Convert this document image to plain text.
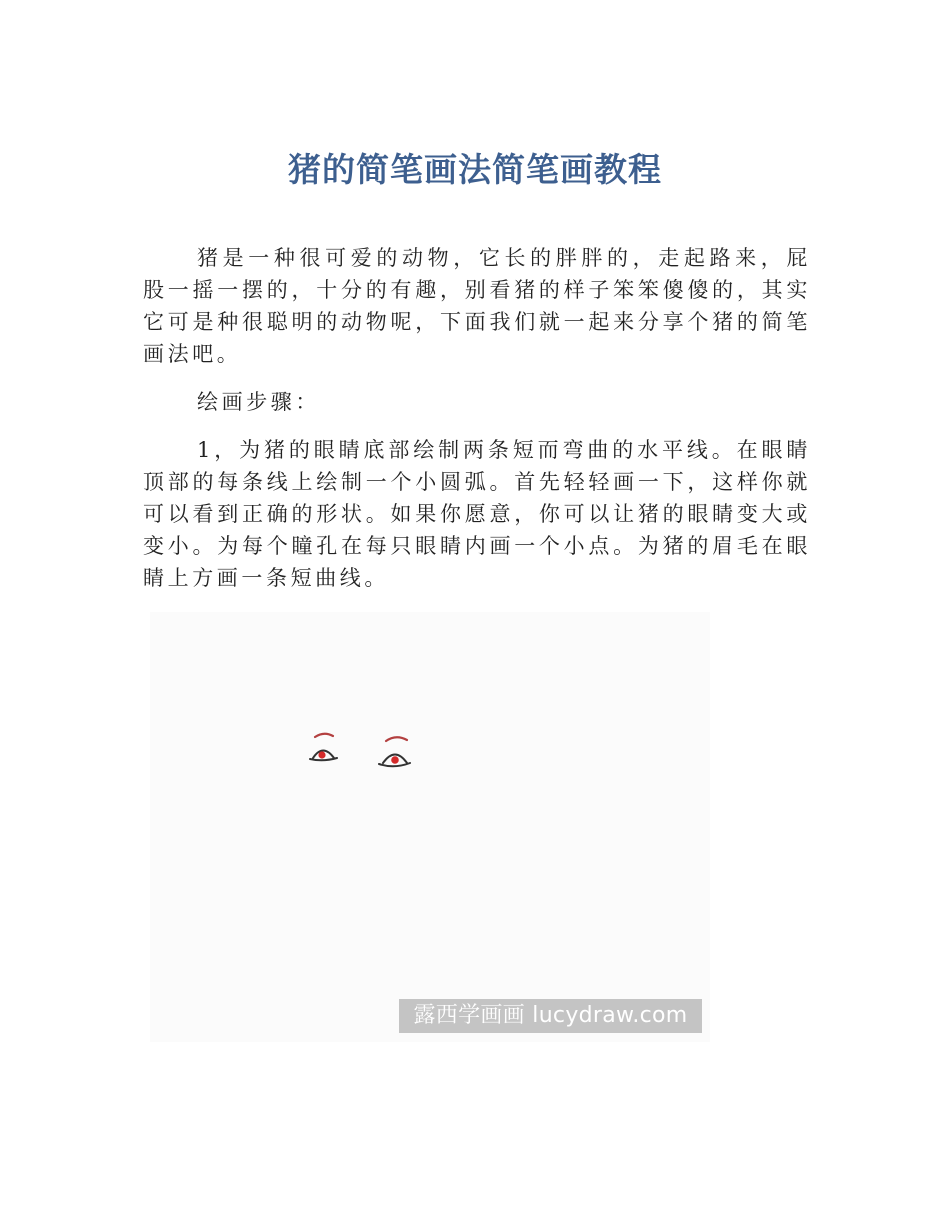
猪的简笔画法简笔画教程

猪是一种很可爱的动物，它长的胖胖的，走起路来，屁股一摇一摆的，十分的有趣，别看猪的样子笨笨傻傻的，其实它可是种很聪明的动物呢，下面我们就一起来分享个猪的简笔画法吧。

绘画步骤：

1，为猪的眼睛底部绘制两条短而弯曲的水平线。在眼睛顶部的每条线上绘制一个小圆弧。首先轻轻画一下，这样你就可以看到正确的形状。如果你愿意，你可以让猪的眼睛变大或变小。为每个瞳孔在每只眼睛内画一个小点。为猪的眉毛在眼睛上方画一条短曲线。

露西学画画 lucydraw.com
